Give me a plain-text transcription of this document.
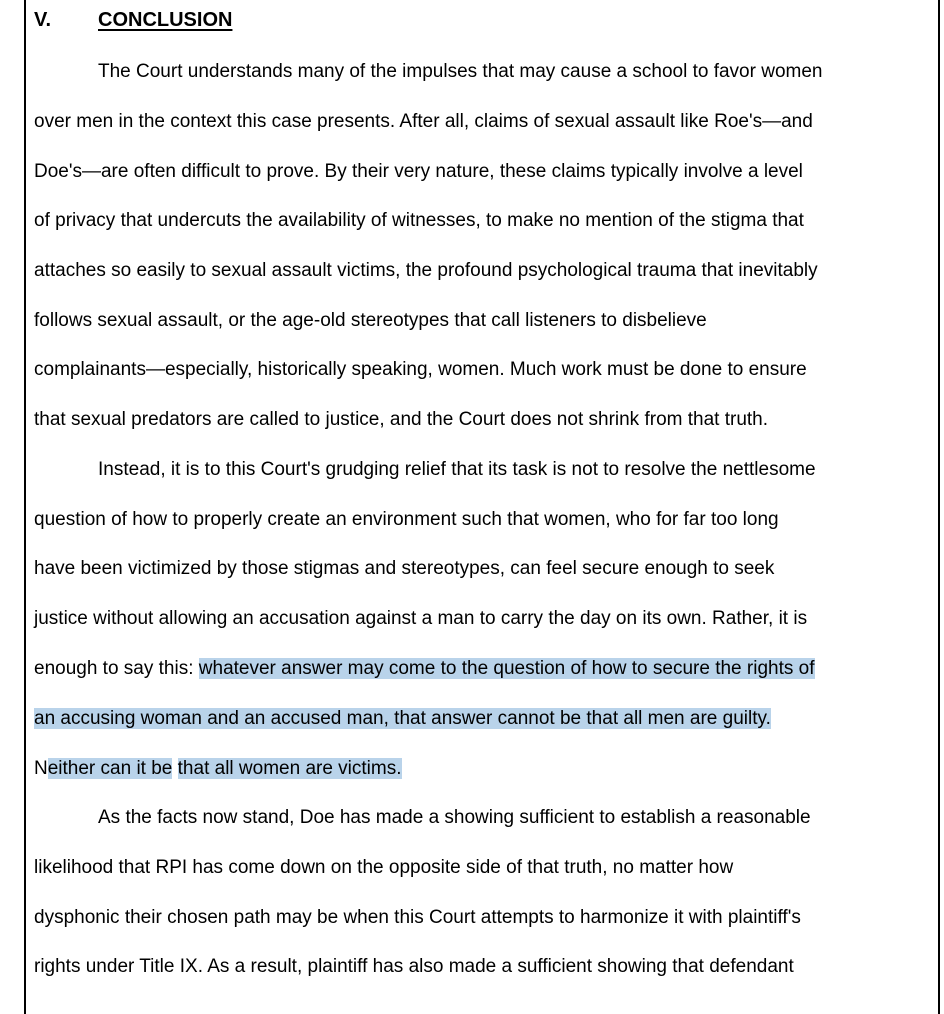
V. CONCLUSION
The Court understands many of the impulses that may cause a school to favor women
over men in the context this case presents. After all, claims of sexual assault like Roe's—and
Doe's—are often difficult to prove. By their very nature, these claims typically involve a level
of privacy that undercuts the availability of witnesses, to make no mention of the stigma that
attaches so easily to sexual assault victims, the profound psychological trauma that inevitably
follows sexual assault, or the age-old stereotypes that call listeners to disbelieve
complainants—especially, historically speaking, women. Much work must be done to ensure
that sexual predators are called to justice, and the Court does not shrink from that truth.
Instead, it is to this Court's grudging relief that its task is not to resolve the nettlesome
question of how to properly create an environment such that women, who for far too long
have been victimized by those stigmas and stereotypes, can feel secure enough to seek
justice without allowing an accusation against a man to carry the day on its own. Rather, it is
enough to say this: whatever answer may come to the question of how to secure the rights of
an accusing woman and an accused man, that answer cannot be that all men are guilty.
Neither can it be that all women are victims.
As the facts now stand, Doe has made a showing sufficient to establish a reasonable
likelihood that RPI has come down on the opposite side of that truth, no matter how
dysphonic their chosen path may be when this Court attempts to harmonize it with plaintiff's
rights under Title IX. As a result, plaintiff has also made a sufficient showing that defendant
